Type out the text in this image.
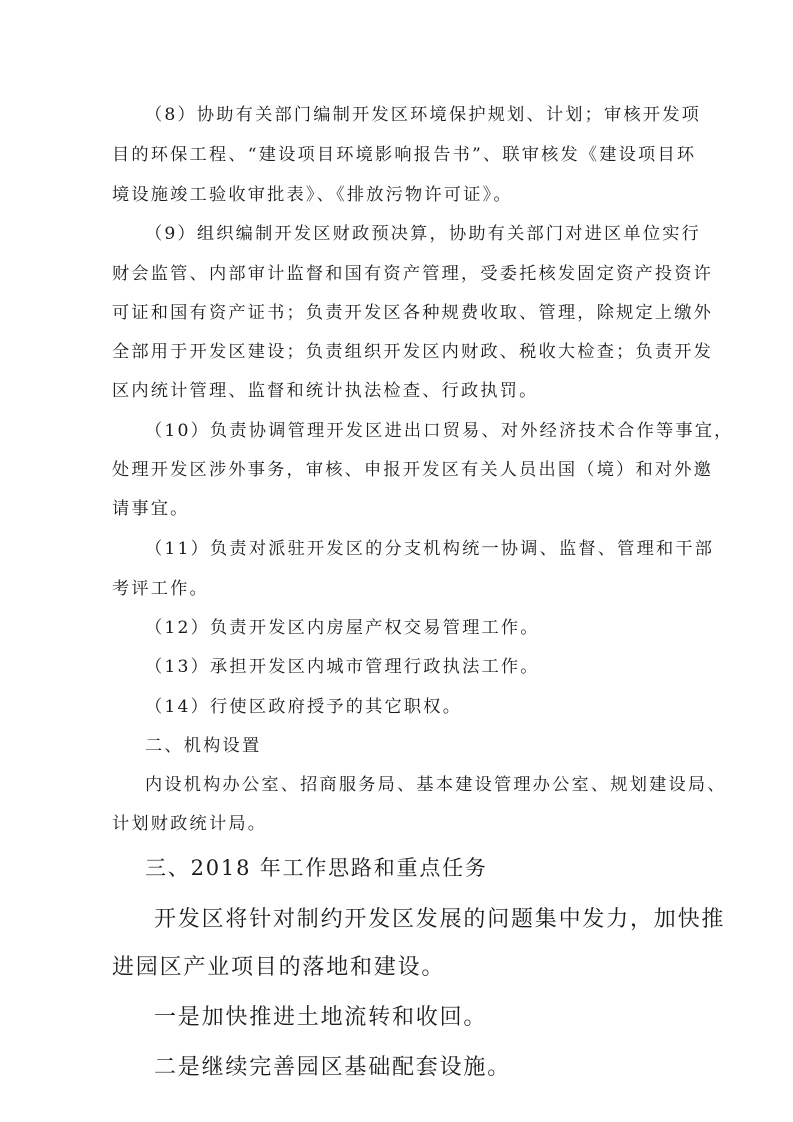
（8）协助有关部门编制开发区环境保护规划、计划；审核开发项

目的环保工程、“建设项目环境影响报告书”、联审核发《建设项目环

境设施竣工验收审批表》、《排放污物许可证》。

（9）组织编制开发区财政预决算，协助有关部门对进区单位实行

财会监管、内部审计监督和国有资产管理，受委托核发固定资产投资许

可证和国有资产证书；负责开发区各种规费收取、管理，除规定上缴外

全部用于开发区建设；负责组织开发区内财政、税收大检查；负责开发

区内统计管理、监督和统计执法检查、行政执罚。

（10）负责协调管理开发区进出口贸易、对外经济技术合作等事宜，

处理开发区涉外事务，审核、申报开发区有关人员出国（境）和对外邀

请事宜。

（11）负责对派驻开发区的分支机构统一协调、监督、管理和干部

考评工作。

（12）负责开发区内房屋产权交易管理工作。

（13）承担开发区内城市管理行政执法工作。

（14）行使区政府授予的其它职权。

二、机构设置

内设机构办公室、招商服务局、基本建设管理办公室、规划建设局、

计划财政统计局。

三、2018 年工作思路和重点任务

开发区将针对制约开发区发展的问题集中发力，加快推

进园区产业项目的落地和建设。

一是加快推进土地流转和收回。

二是继续完善园区基础配套设施。
